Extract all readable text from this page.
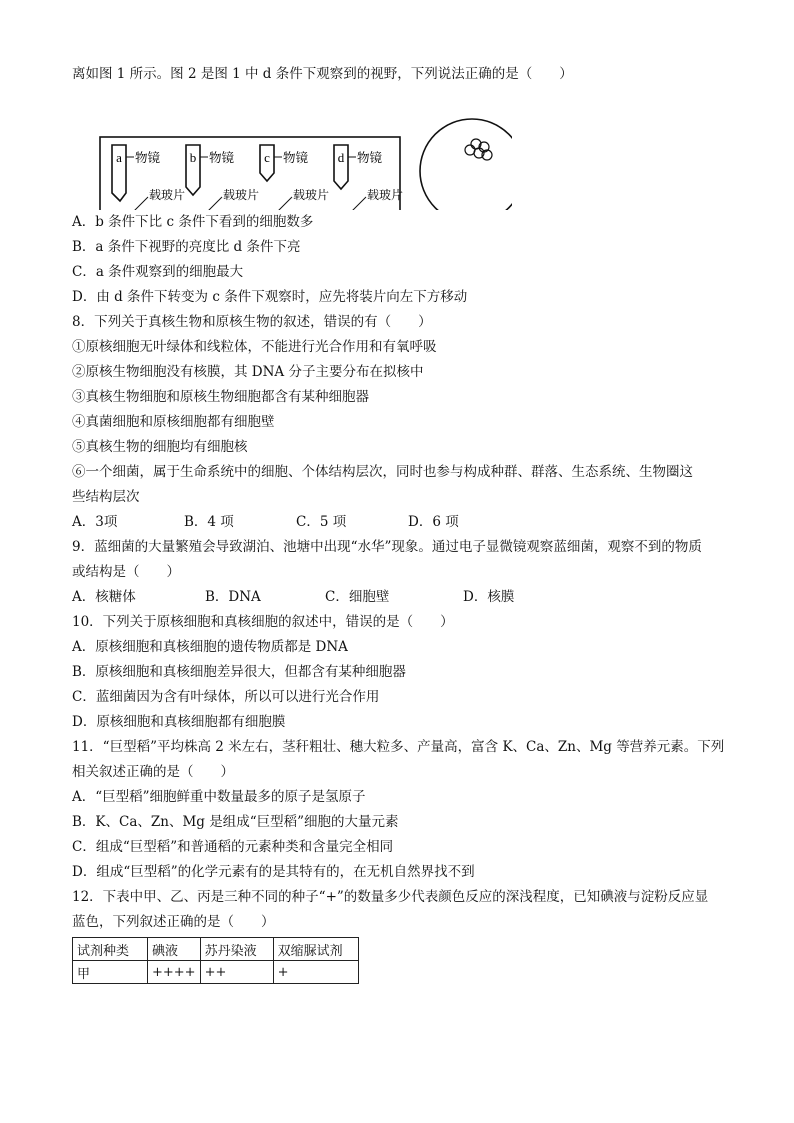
离如图 1 所示。图 2 是图 1 中 d 条件下观察到的视野，下列说法正确的是（　　）
a	b	c	d
物镜	物镜	物镜	物镜
载玻片	载玻片	载玻片	载玻片
A．b 条件下比 c 条件下看到的细胞数多
B．a 条件下视野的亮度比 d 条件下亮
C．a 条件观察到的细胞最大
D．由 d 条件下转变为 c 条件下观察时，应先将装片向左下方移动
8．下列关于真核生物和原核生物的叙述，错误的有（　　）
①原核细胞无叶绿体和线粒体，不能进行光合作用和有氧呼吸
②原核生物细胞没有核膜，其 DNA 分子主要分布在拟核中
③真核生物细胞和原核生物细胞都含有某种细胞器
④真菌细胞和原核细胞都有细胞壁
⑤真核生物的细胞均有细胞核
⑥一个细菌，属于生命系统中的细胞、个体结构层次，同时也参与构成种群、群落、生态系统、生物圈这
些结构层次
A．3项	B．4 项	C．5 项	D．6 项
9．蓝细菌的大量繁殖会导致湖泊、池塘中出现“水华”现象。通过电子显微镜观察蓝细菌，观察不到的物质
或结构是（　　）
A．核糖体	B．DNA	C．细胞壁	D．核膜
10．下列关于原核细胞和真核细胞的叙述中，错误的是（　　）
A．原核细胞和真核细胞的遗传物质都是 DNA
B．原核细胞和真核细胞差异很大，但都含有某种细胞器
C．蓝细菌因为含有叶绿体，所以可以进行光合作用
D．原核细胞和真核细胞都有细胞膜
11．“巨型稻”平均株高 2 米左右，茎秆粗壮、穗大粒多、产量高，富含 K、Ca、Zn、Mg 等营养元素。下列
相关叙述正确的是（　　）
A．“巨型稻”细胞鲜重中数量最多的原子是氢原子
B．K、Ca、Zn、Mg 是组成“巨型稻”细胞的大量元素
C．组成“巨型稻”和普通稻的元素种类和含量完全相同
D．组成“巨型稻”的化学元素有的是其特有的，在无机自然界找不到
12．下表中甲、乙、丙是三种不同的种子“+”的数量多少代表颜色反应的深浅程度，已知碘液与淀粉反应显
蓝色，下列叙述正确的是（　　）
试剂种类	碘液	苏丹染液	双缩脲试剂
甲	++++	++	+
